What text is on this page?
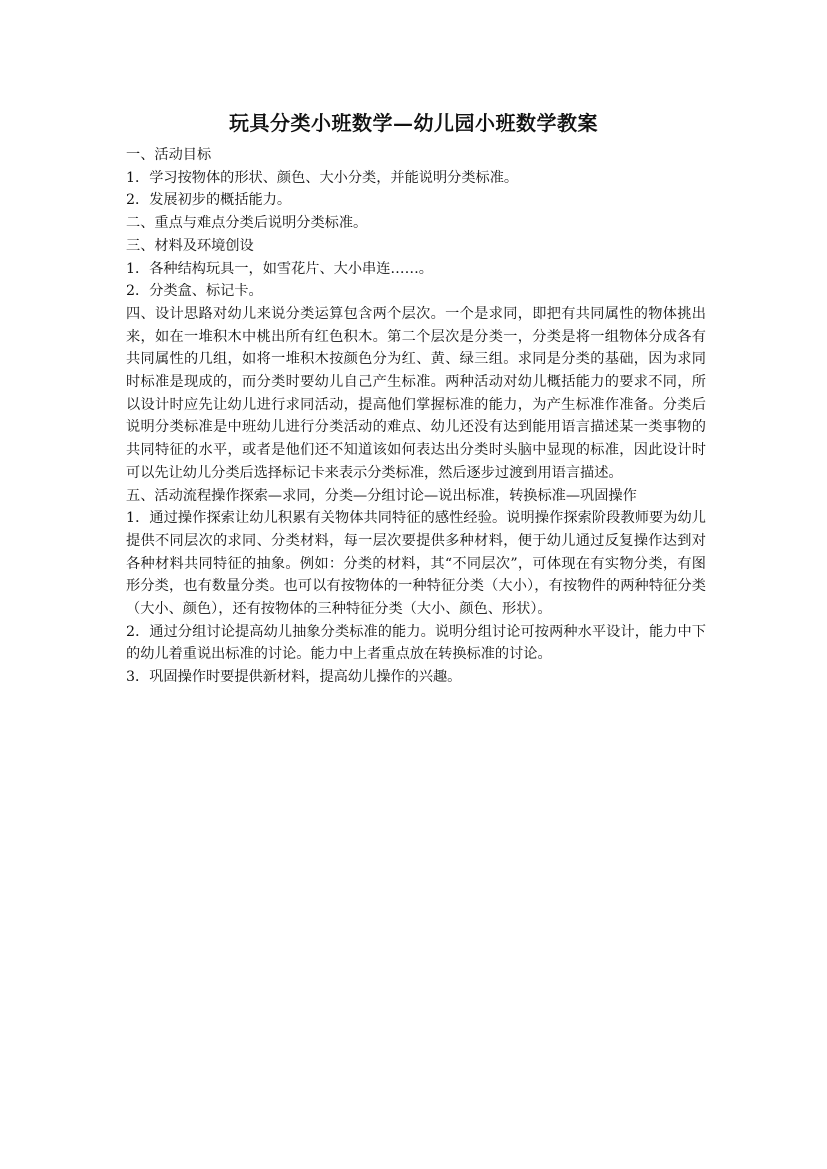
玩具分类小班数学—幼儿园小班数学教案

一、活动目标

1．学习按物体的形状、颜色、大小分类，并能说明分类标准。

2．发展初步的概括能力。

二、重点与难点分类后说明分类标准。

三、材料及环境创设

1．各种结构玩具一，如雪花片、大小串连……。

2．分类盒、标记卡。

四、设计思路对幼儿来说分类运算包含两个层次。一个是求同，即把有共同属性的物体挑出来，如在一堆积木中桃出所有红色积木。第二个层次是分类一，分类是将一组物体分成各有共同属性的几组，如将一堆积木按颜色分为红、黄、绿三组。求同是分类的基础，因为求同时标准是现成的，而分类时要幼儿自己产生标准。两种活动对幼儿概括能力的要求不同，所以设计时应先让幼儿进行求同活动，提高他们掌握标准的能力，为产生标准作准备。分类后说明分类标准是中班幼儿进行分类活动的难点、幼儿还没有达到能用语言描述某一类事物的共同特征的水平，或者是他们还不知道该如何表达出分类时头脑中显现的标准，因此设计时可以先让幼儿分类后选择标记卡来表示分类标准，然后逐步过渡到用语言描述。

五、活动流程操作探索—求同，分类—分组讨论—说出标准，转换标准—巩固操作

1．通过操作探索让幼儿积累有关物体共同特征的感性经验。说明操作探索阶段教师要为幼儿提供不同层次的求同、分类材料，每一层次要提供多种材料，便于幼儿通过反复操作达到对各种材料共同特征的抽象。例如：分类的材料，其“不同层次”，可体现在有实物分类，有图形分类，也有数量分类。也可以有按物体的一种特征分类（大小），有按物件的两种特征分类（大小、颜色），还有按物体的三种特征分类（大小、颜色、形状）。

2．通过分组讨论提高幼儿抽象分类标准的能力。说明分组讨论可按两种水平设计，能力中下的幼儿着重说出标准的讨论。能力中上者重点放在转换标准的讨论。

3．巩固操作时要提供新材料，提高幼儿操作的兴趣。
